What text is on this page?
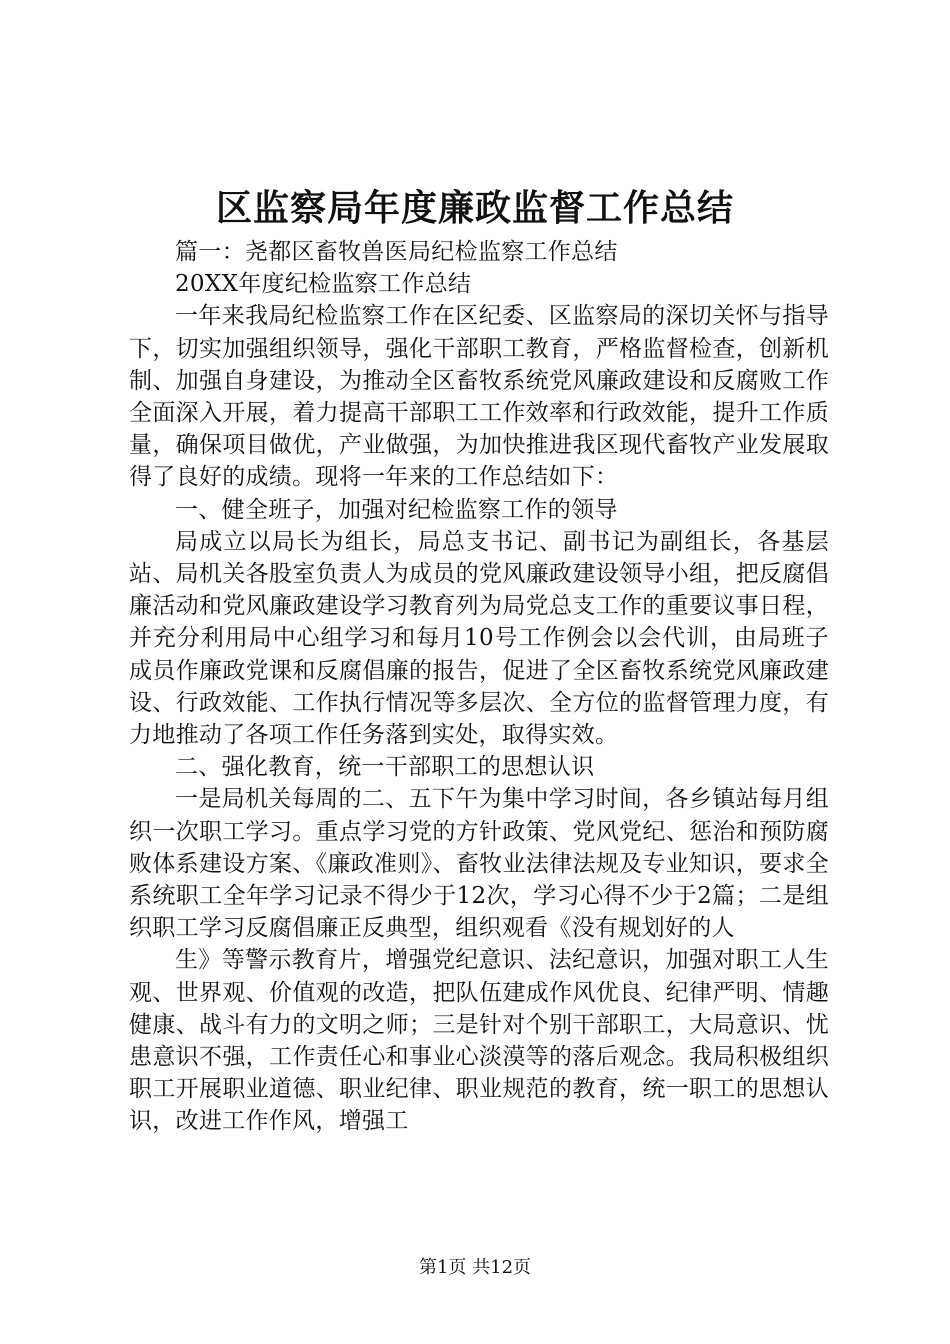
区监察局年度廉政监督工作总结

篇一：尧都区畜牧兽医局纪检监察工作总结

20XX年度纪检监察工作总结

一年来我局纪检监察工作在区纪委、区监察局的深切关怀与指导下，切实加强组织领导，强化干部职工教育，严格监督检查，创新机制、加强自身建设，为推动全区畜牧系统党风廉政建设和反腐败工作全面深入开展，着力提高干部职工工作效率和行政效能，提升工作质量，确保项目做优，产业做强，为加快推进我区现代畜牧产业发展取得了良好的成绩。现将一年来的工作总结如下：

一、健全班子，加强对纪检监察工作的领导

局成立以局长为组长，局总支书记、副书记为副组长，各基层站、局机关各股室负责人为成员的党风廉政建设领导小组，把反腐倡廉活动和党风廉政建设学习教育列为局党总支工作的重要议事日程，并充分利用局中心组学习和每月10号工作例会以会代训，由局班子成员作廉政党课和反腐倡廉的报告，促进了全区畜牧系统党风廉政建设、行政效能、工作执行情况等多层次、全方位的监督管理力度，有力地推动了各项工作任务落到实处，取得实效。

二、强化教育，统一干部职工的思想认识

一是局机关每周的二、五下午为集中学习时间，各乡镇站每月组织一次职工学习。重点学习党的方针政策、党风党纪、惩治和预防腐败体系建设方案、《廉政准则》、畜牧业法律法规及专业知识，要求全系统职工全年学习记录不得少于12次，学习心得不少于2篇；二是组织职工学习反腐倡廉正反典型，组织观看《没有规划好的人

生》等警示教育片，增强党纪意识、法纪意识，加强对职工人生观、世界观、价值观的改造，把队伍建成作风优良、纪律严明、情趣健康、战斗有力的文明之师；三是针对个别干部职工，大局意识、忧患意识不强，工作责任心和事业心淡漠等的落后观念。我局积极组织职工开展职业道德、职业纪律、职业规范的教育，统一职工的思想认识，改进工作作风，增强工

第1页 共12页
